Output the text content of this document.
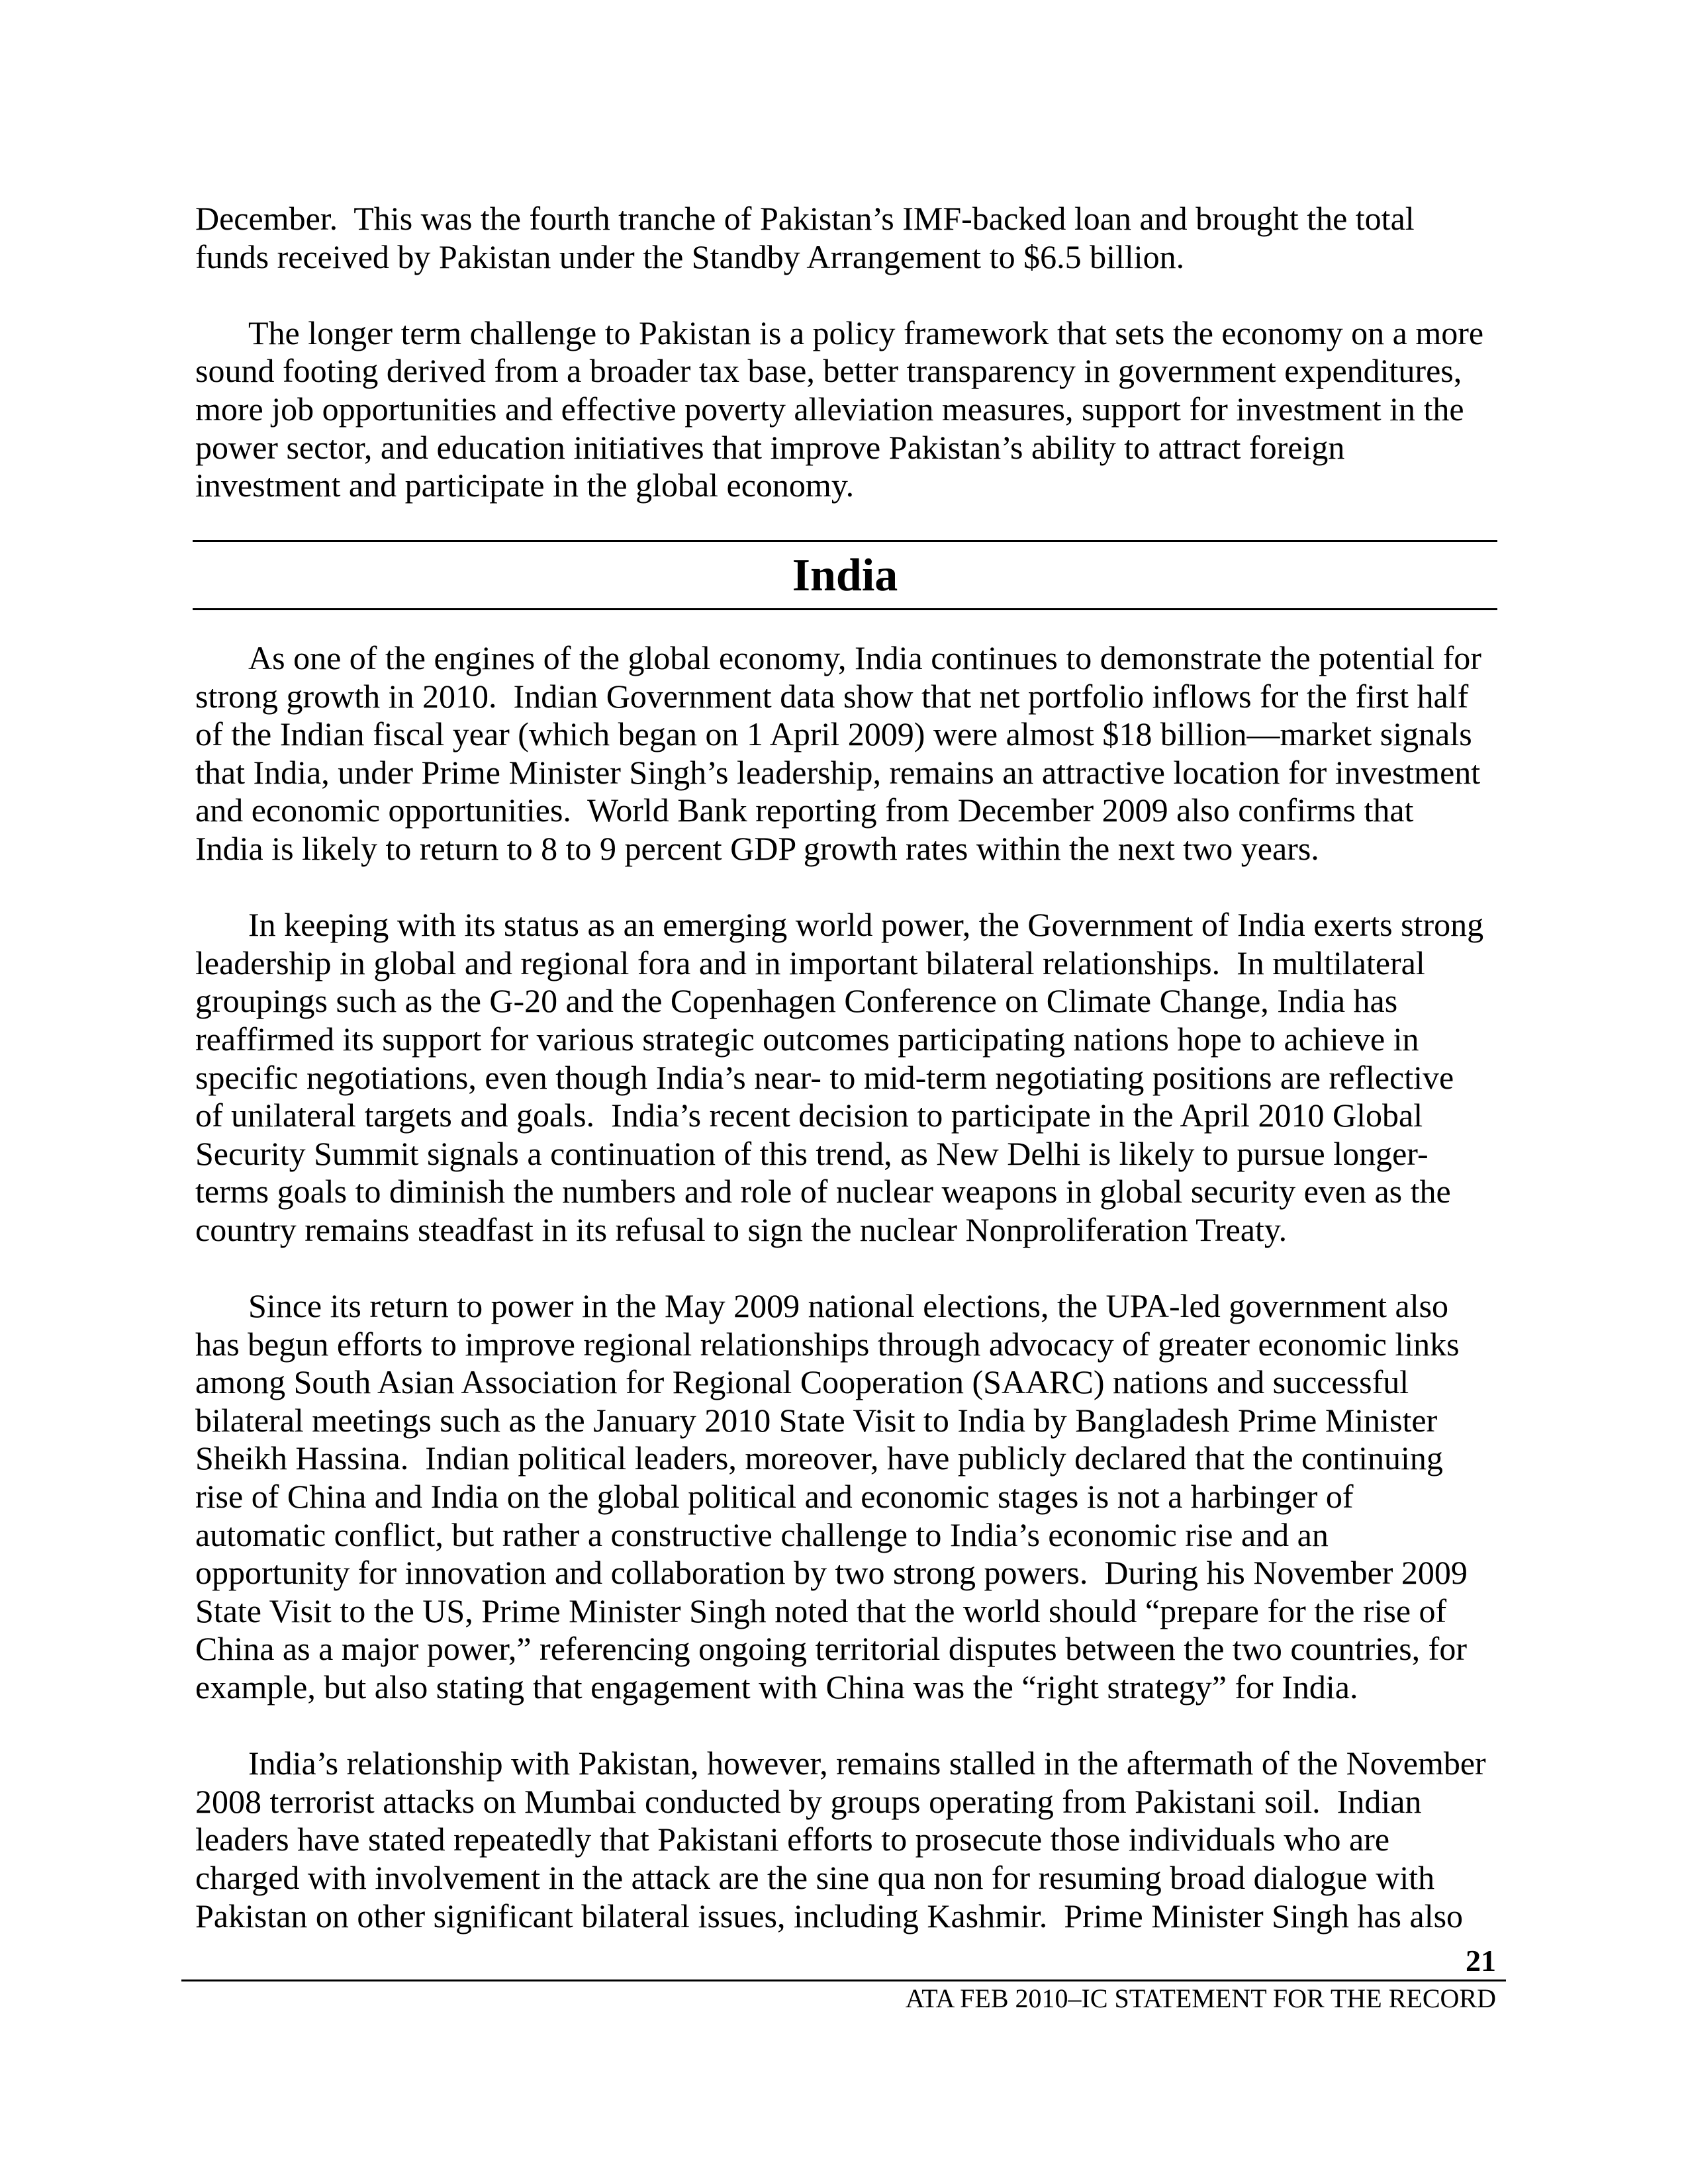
December.  This was the fourth tranche of Pakistan’s IMF-backed loan and brought the total
funds received by Pakistan under the Standby Arrangement to $6.5 billion.
The longer term challenge to Pakistan is a policy framework that sets the economy on a more
sound footing derived from a broader tax base, better transparency in government expenditures,
more job opportunities and effective poverty alleviation measures, support for investment in the
power sector, and education initiatives that improve Pakistan’s ability to attract foreign
investment and participate in the global economy.
India
As one of the engines of the global economy, India continues to demonstrate the potential for
strong growth in 2010.  Indian Government data show that net portfolio inflows for the first half
of the Indian fiscal year (which began on 1 April 2009) were almost $18 billion—market signals
that India, under Prime Minister Singh’s leadership, remains an attractive location for investment
and economic opportunities.  World Bank reporting from December 2009 also confirms that
India is likely to return to 8 to 9 percent GDP growth rates within the next two years.
In keeping with its status as an emerging world power, the Government of India exerts strong
leadership in global and regional fora and in important bilateral relationships.  In multilateral
groupings such as the G-20 and the Copenhagen Conference on Climate Change, India has
reaffirmed its support for various strategic outcomes participating nations hope to achieve in
specific negotiations, even though India’s near- to mid-term negotiating positions are reflective
of unilateral targets and goals.  India’s recent decision to participate in the April 2010 Global
Security Summit signals a continuation of this trend, as New Delhi is likely to pursue longer-
terms goals to diminish the numbers and role of nuclear weapons in global security even as the
country remains steadfast in its refusal to sign the nuclear Nonproliferation Treaty.
Since its return to power in the May 2009 national elections, the UPA-led government also
has begun efforts to improve regional relationships through advocacy of greater economic links
among South Asian Association for Regional Cooperation (SAARC) nations and successful
bilateral meetings such as the January 2010 State Visit to India by Bangladesh Prime Minister
Sheikh Hassina.  Indian political leaders, moreover, have publicly declared that the continuing
rise of China and India on the global political and economic stages is not a harbinger of
automatic conflict, but rather a constructive challenge to India’s economic rise and an
opportunity for innovation and collaboration by two strong powers.  During his November 2009
State Visit to the US, Prime Minister Singh noted that the world should “prepare for the rise of
China as a major power,” referencing ongoing territorial disputes between the two countries, for
example, but also stating that engagement with China was the “right strategy” for India.
India’s relationship with Pakistan, however, remains stalled in the aftermath of the November
2008 terrorist attacks on Mumbai conducted by groups operating from Pakistani soil.  Indian
leaders have stated repeatedly that Pakistani efforts to prosecute those individuals who are
charged with involvement in the attack are the sine qua non for resuming broad dialogue with
Pakistan on other significant bilateral issues, including Kashmir.  Prime Minister Singh has also
21
ATA FEB 2010–IC STATEMENT FOR THE RECORD
